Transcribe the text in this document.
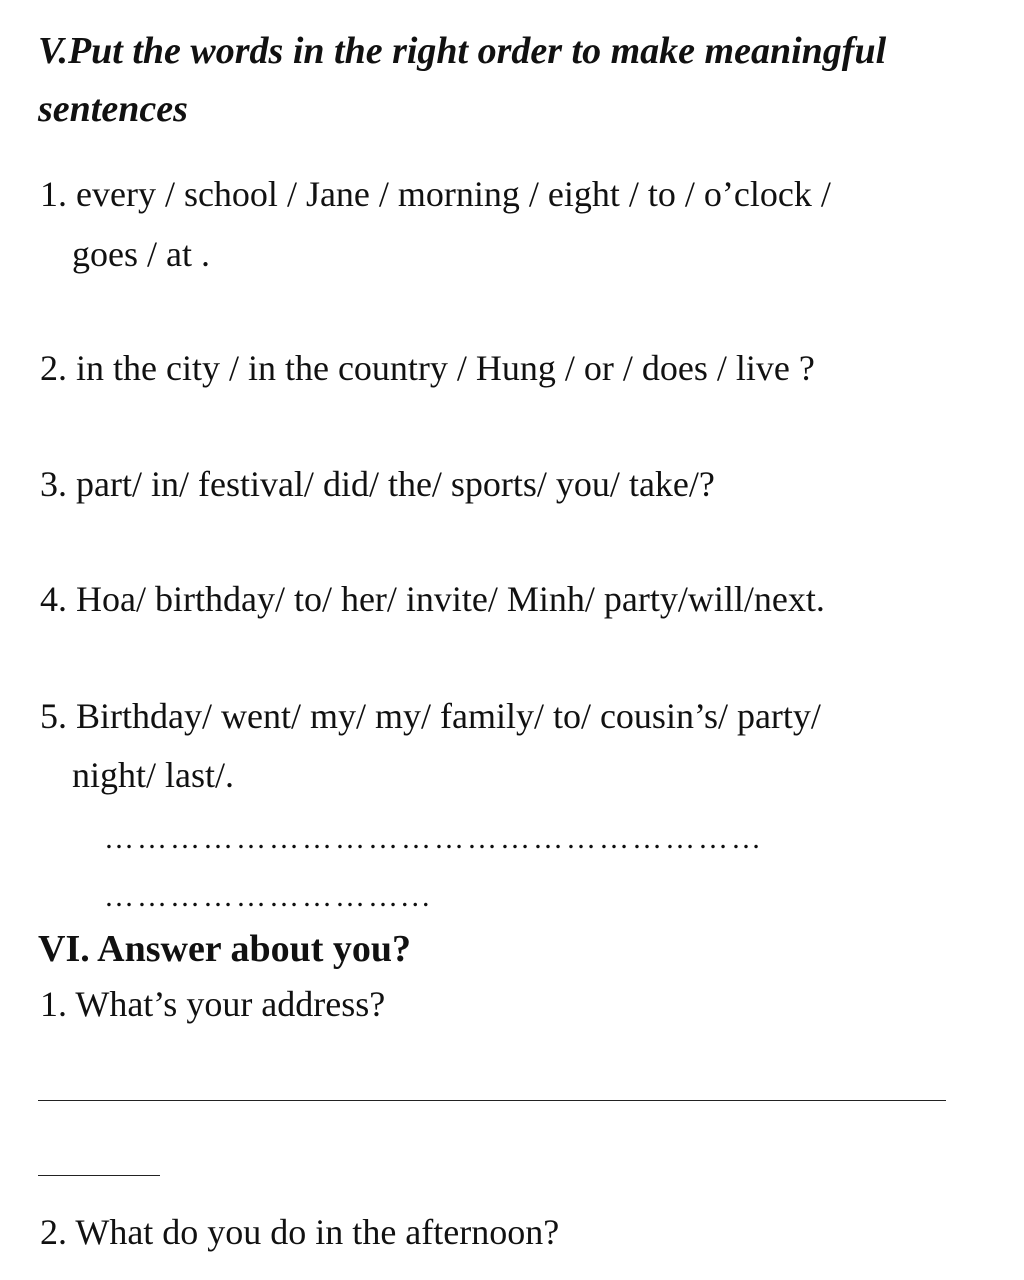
V.Put the words in the right order to make meaningful
sentences
1. every / school / Jane / morning / eight / to / o’clock /
goes / at .
2. in the city / in the country / Hung / or / does / live ?
3. part/ in/ festival/ did/ the/ sports/ you/ take/?
4. Hoa/ birthday/ to/ her/ invite/ Minh/ party/will/next.
5. Birthday/ went/ my/ my/ family/ to/ cousin’s/ party/
night/ last/.
……………………………………………………
………………………...
VI. Answer about you?
1. What’s your address?
2. What do you do in the afternoon?
